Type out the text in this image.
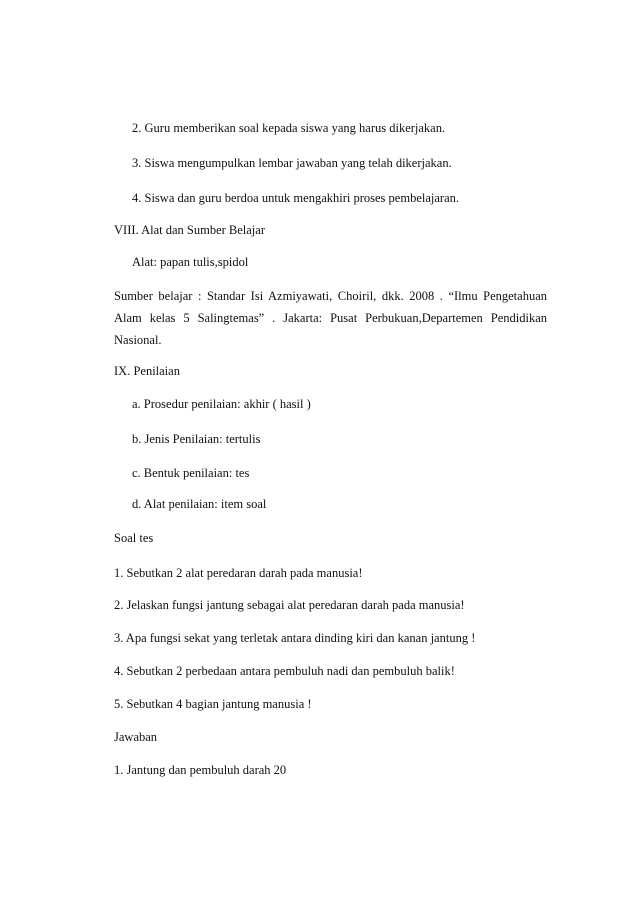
2. Guru memberikan soal kepada siswa yang harus dikerjakan.
3. Siswa mengumpulkan lembar jawaban yang telah dikerjakan.
4. Siswa dan guru berdoa untuk mengakhiri proses pembelajaran.
VIII. Alat dan Sumber Belajar
Alat: papan tulis,spidol
Sumber belajar : Standar Isi Azmiyawati, Choiril, dkk. 2008 . “Ilmu Pengetahuan Alam kelas 5 Salingtemas” . Jakarta: Pusat Perbukuan,Departemen Pendidikan Nasional.
IX. Penilaian
a. Prosedur penilaian: akhir ( hasil )
b. Jenis Penilaian: tertulis
c. Bentuk penilaian: tes
d. Alat penilaian: item soal
Soal tes
1. Sebutkan 2 alat peredaran darah pada manusia!
2. Jelaskan fungsi jantung sebagai alat peredaran darah pada manusia!
3. Apa fungsi sekat yang terletak antara dinding kiri dan kanan jantung !
4. Sebutkan 2 perbedaan antara pembuluh nadi dan pembuluh balik!
5. Sebutkan 4 bagian jantung manusia !
Jawaban
1. Jantung dan pembuluh darah 20
